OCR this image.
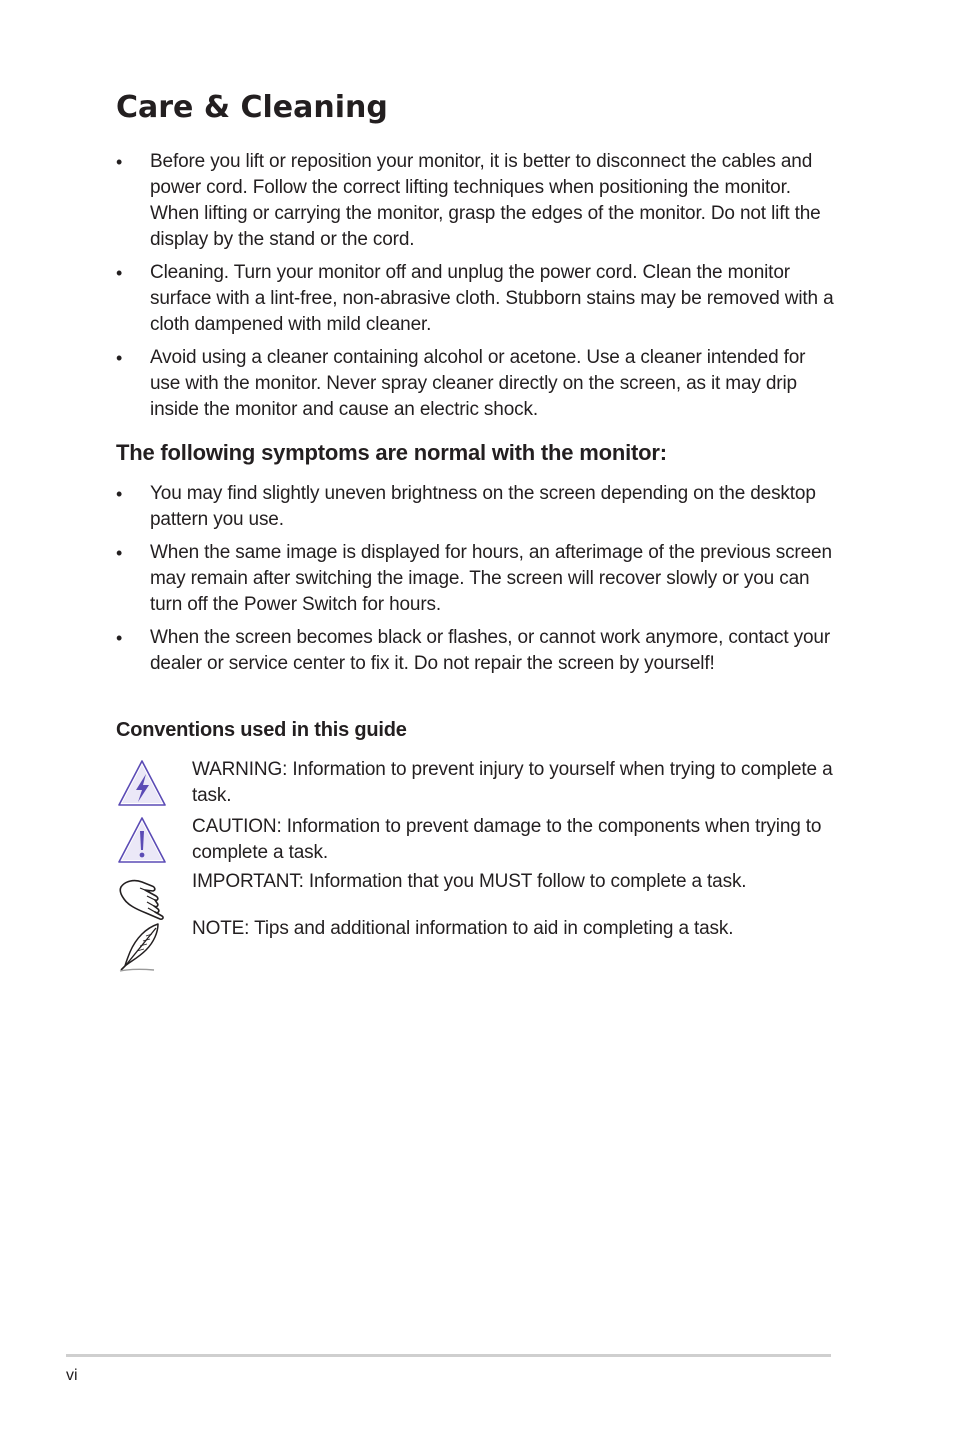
Care & Cleaning
• Before you lift or reposition your monitor, it is better to disconnect the cables and power cord. Follow the correct lifting techniques when positioning the monitor. When lifting or carrying the monitor, grasp the edges of the monitor. Do not lift the display by the stand or the cord.
• Cleaning. Turn your monitor off and unplug the power cord. Clean the monitor surface with a lint-free, non-abrasive cloth. Stubborn stains may be removed with a cloth dampened with mild cleaner.
• Avoid using a cleaner containing alcohol or acetone. Use a cleaner intended for use with the monitor. Never spray cleaner directly on the screen, as it may drip inside the monitor and cause an electric shock.
The following symptoms are normal with the monitor:
• You may find slightly uneven brightness on the screen depending on the desktop pattern you use.
• When the same image is displayed for hours, an afterimage of the previous screen may remain after switching the image. The screen will recover slowly or you can turn off the Power Switch for hours.
• When the screen becomes black or flashes, or cannot work anymore, contact your dealer or service center to fix it. Do not repair the screen by yourself!
Conventions used in this guide
WARNING: Information to prevent injury to yourself when trying to complete a task.
CAUTION: Information to prevent damage to the components when trying to complete a task.
IMPORTANT: Information that you MUST follow to complete a task.
NOTE: Tips and additional information to aid in completing a task.
vi
